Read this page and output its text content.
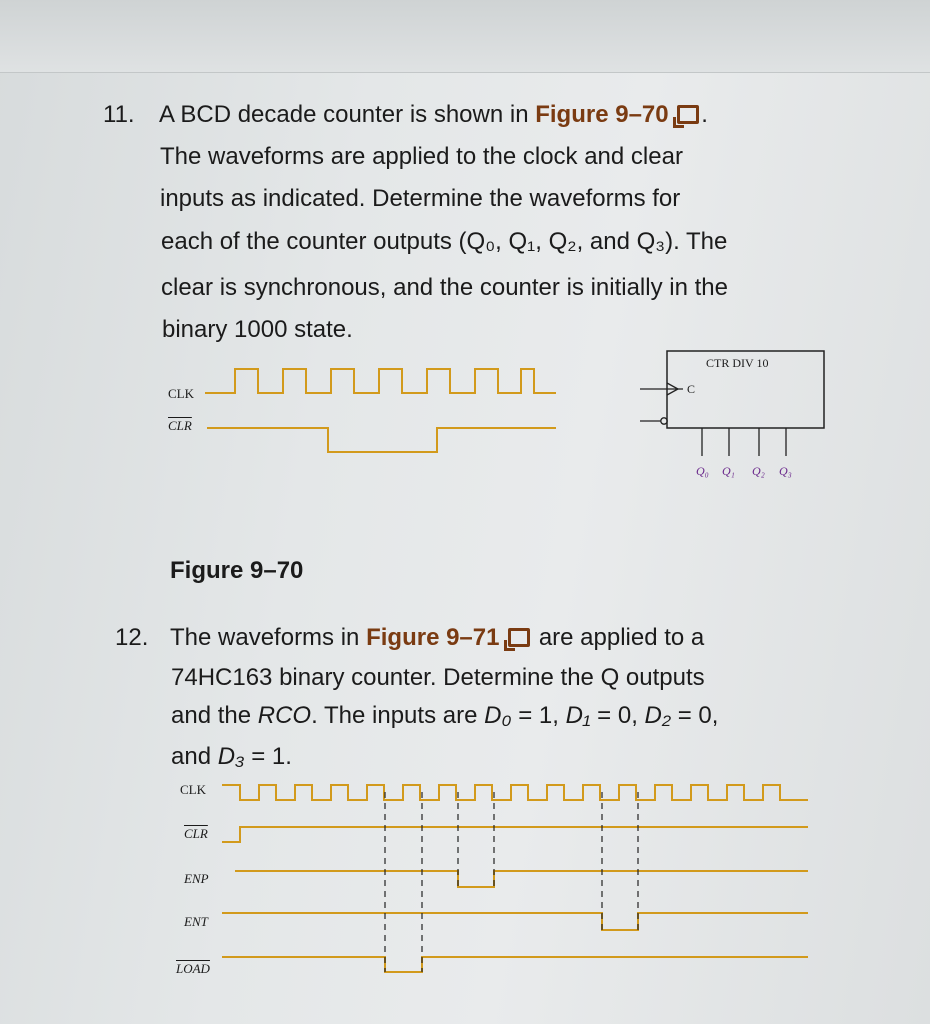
11. A BCD decade counter is shown in Figure 9–70 .
The waveforms are applied to the clock and clear
inputs as indicated. Determine the waveforms for
each of the counter outputs (Q₀, Q₁, Q₂, and Q₃). The
clear is synchronous, and the counter is initially in the
binary 1000 state.
CLK
$\overline{CLR}$
CTR DIV 10
C
Q₀ Q₁ Q₂ Q₃
Figure 9–70
12. The waveforms in Figure 9–71  are applied to a
74HC163 binary counter. Determine the Q outputs
and the RCO. The inputs are D₀ = 1, D₁ = 0, D₂ = 0,
and D₃ = 1.
CLK
$\overline{CLR}$
ENP
ENT
LOAD
